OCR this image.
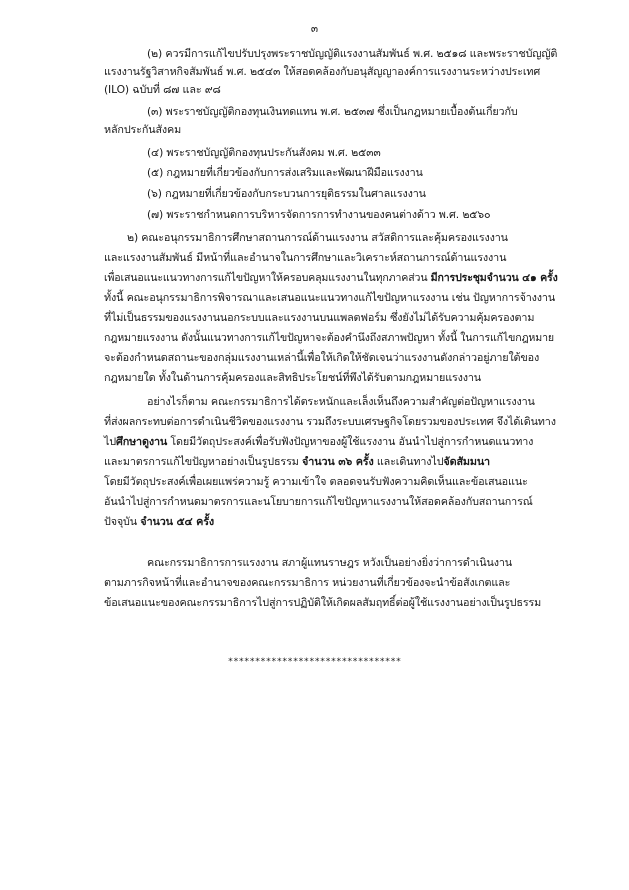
๓
(๒) ควรมีการแก้ไขปรับปรุงพระราชบัญญัติแรงงานสัมพันธ์ พ.ศ. ๒๕๑๘ และพระราชบัญญัติ
แรงงานรัฐวิสาหกิจสัมพันธ์ พ.ศ. ๒๕๔๓ ให้สอดคล้องกับอนุสัญญาองค์การแรงงานระหว่างประเทศ
(ILO) ฉบับที่ ๘๗ และ ๙๘
(๓) พระราชบัญญัติกองทุนเงินทดแทน พ.ศ. ๒๕๓๗ ซึ่งเป็นกฎหมายเบื้องต้นเกี่ยวกับ
หลักประกันสังคม
(๔) พระราชบัญญัติกองทุนประกันสังคม พ.ศ. ๒๕๓๓
(๕) กฎหมายที่เกี่ยวข้องกับการส่งเสริมและพัฒนาฝีมือแรงงาน
(๖) กฎหมายที่เกี่ยวข้องกับกระบวนการยุติธรรมในศาลแรงงาน
(๗) พระราชกำหนดการบริหารจัดการการทำงานของคนต่างด้าว พ.ศ. ๒๕๖๐
๒) คณะอนุกรรมาธิการศึกษาสถานการณ์ด้านแรงงาน สวัสดิการและคุ้มครองแรงงาน
และแรงงานสัมพันธ์ มีหน้าที่และอำนาจในการศึกษาและวิเคราะห์สถานการณ์ด้านแรงงาน
เพื่อเสนอแนะแนวทางการแก้ไขปัญหาให้ครอบคลุมแรงงานในทุกภาคส่วน มีการประชุมจำนวน ๔๑ ครั้ง
ทั้งนี้ คณะอนุกรรมาธิการพิจารณาและเสนอแนะแนวทางแก้ไขปัญหาแรงงาน เช่น ปัญหาการจ้างงาน
ที่ไม่เป็นธรรมของแรงงานนอกระบบและแรงงานบนแพลตฟอร์ม ซึ่งยังไม่ได้รับความคุ้มครองตาม
กฎหมายแรงงาน ดังนั้นแนวทางการแก้ไขปัญหาจะต้องคำนึงถึงสภาพปัญหา ทั้งนี้ ในการแก้ไขกฎหมาย
จะต้องกำหนดสถานะของกลุ่มแรงงานเหล่านี้เพื่อให้เกิดให้ชัดเจนว่าแรงงานดังกล่าวอยู่ภายใต้ของ
กฎหมายใด ทั้งในด้านการคุ้มครองและสิทธิประโยชน์ที่พึงได้รับตามกฎหมายแรงงาน
อย่างไรก็ตาม คณะกรรมาธิการได้ตระหนักและเล็งเห็นถึงความสำคัญต่อปัญหาแรงงาน
ที่ส่งผลกระทบต่อการดำเนินชีวิตของแรงงาน รวมถึงระบบเศรษฐกิจโดยรวมของประเทศ จึงได้เดินทาง
ไปศึกษาดูงาน โดยมีวัตถุประสงค์เพื่อรับฟังปัญหาของผู้ใช้แรงงาน อันนำไปสู่การกำหนดแนวทาง
และมาตรการแก้ไขปัญหาอย่างเป็นรูปธรรม จำนวน ๓๖ ครั้ง และเดินทางไปจัดสัมมนา
โดยมีวัตถุประสงค์เพื่อเผยแพร่ความรู้ ความเข้าใจ ตลอดจนรับฟังความคิดเห็นและข้อเสนอแนะ
อันนำไปสู่การกำหนดมาตรการและนโยบายการแก้ไขปัญหาแรงงานให้สอดคล้องกับสถานการณ์
ปัจจุบัน จำนวน ๕๔ ครั้ง
คณะกรรมาธิการการแรงงาน สภาผู้แทนราษฎร หวังเป็นอย่างยิ่งว่าการดำเนินงาน
ตามภารกิจหน้าที่และอำนาจของคณะกรรมาธิการ หน่วยงานที่เกี่ยวข้องจะนำข้อสังเกตและ
ข้อเสนอแนะของคณะกรรมาธิการไปสู่การปฏิบัติให้เกิดผลสัมฤทธิ์ต่อผู้ใช้แรงงานอย่างเป็นรูปธรรม
********************************
